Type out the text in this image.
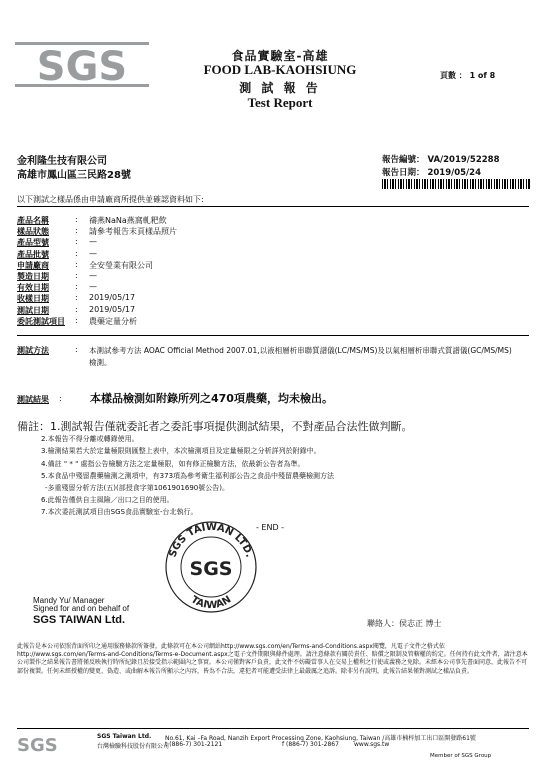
SGS	食品實驗室-高雄
FOOD LAB-KAOHSIUNG
測 試 報 告
Test Report
頁數 ： 1 of 8
金利隆生技有限公司
高雄市鳳山區三民路28號
報告編號： VA/2019/52288
報告日期： 2019/05/24
以下測試之樣品係由申請廠商所提供並確認資料如下:
產品名稱	: 禱燕NaNa燕窩軋粑飲
樣品狀態	: 請參考報告末頁樣品照片
產品型號	: —
產品批號	: —
申請廠商	: 全安瑩業有限公司
製造日期	: —
有效日期	: —
收樣日期	: 2019/05/17
測試日期	: 2019/05/17
委託測試項目	: 農藥定量分析
測試方法	: 本測試參考方法 AOAC Official Method 2007.01,以液相層析串聯質譜儀(LC/MS/MS)及以氣相層析串聯式質譜儀(GC/MS/MS)檢測。
測試結果 :	本樣品檢測如附錄所列之470項農藥，均未檢出。
備註：1.測試報告僅就委託者之委託事項提供測試結果，不對產品合法性做判斷。
2.本報告不得分離或轉錄使用。
3.檢測結果若大於定量極限則匯整上表中，本次檢測項目及定量極限之分析詳列於附錄中。
4.備註 " * " 處指公告檢驗方法之定量極限，如有修正檢驗方法，依最新公告者為準。
5.本食品中殘留農藥檢測之測項中，有373項為參考衛生福利部公告之食品中殘留農藥檢測方法
-多重殘留分析方法(五)(部授食字第1061901690號公告)。
6.此報告僅供自主風險／出口之目的使用。
7.本次委託測試項目由SGS食品實驗室-台北執行。
- END -
SGS TAIWAN LTD.
TAIWAN
SGS
Mandy Yu/ Manager
Signed for and on behalf of
SGS TAIWAN Ltd.	聯絡人：侯志正 博士
此報告是本公司依照背面所印之通用服務條款所簽發，此條款可在本公司網站http://www.sgs.com/en/Terms-and-Conditions.aspx閱覽，凡電子文件之格式依http://www.sgs.com/en/Terms-and-Conditions/Terms-e-Document.aspx之電子文件期限與條件處理。請注意條款有關於責任、賠償之限制及管轄權的約定。任何持有此文件者，請注意本公司製作之結果報告書將僅反映執行時所紀錄且於接受指示範圍內之事實。本公司僅對客戶負責，此文件不妨礙當事人在交易上權利之行使或義務之免除。未經本公司事先書面同意，此報告不可部份複製。任何未經授權的變更、偽造、或曲解本報告所顯示之內容，皆為不合法，違犯者可能遭受法律上最嚴厲之追訴。除非另有說明，此報告結果僅對測試之樣品負責。
SGS	SGS Taiwan Ltd.
台灣檢驗科技股份有限公司
No.61, Kai –Fa Road, Nanzih Export Processing Zone, Kaohsiung, Taiwan /高雄市楠梓加工出口區開發路61號
t (886-7) 301-2121	f (886-7) 301-2867	www.sgs.tw
Member of SGS Group
